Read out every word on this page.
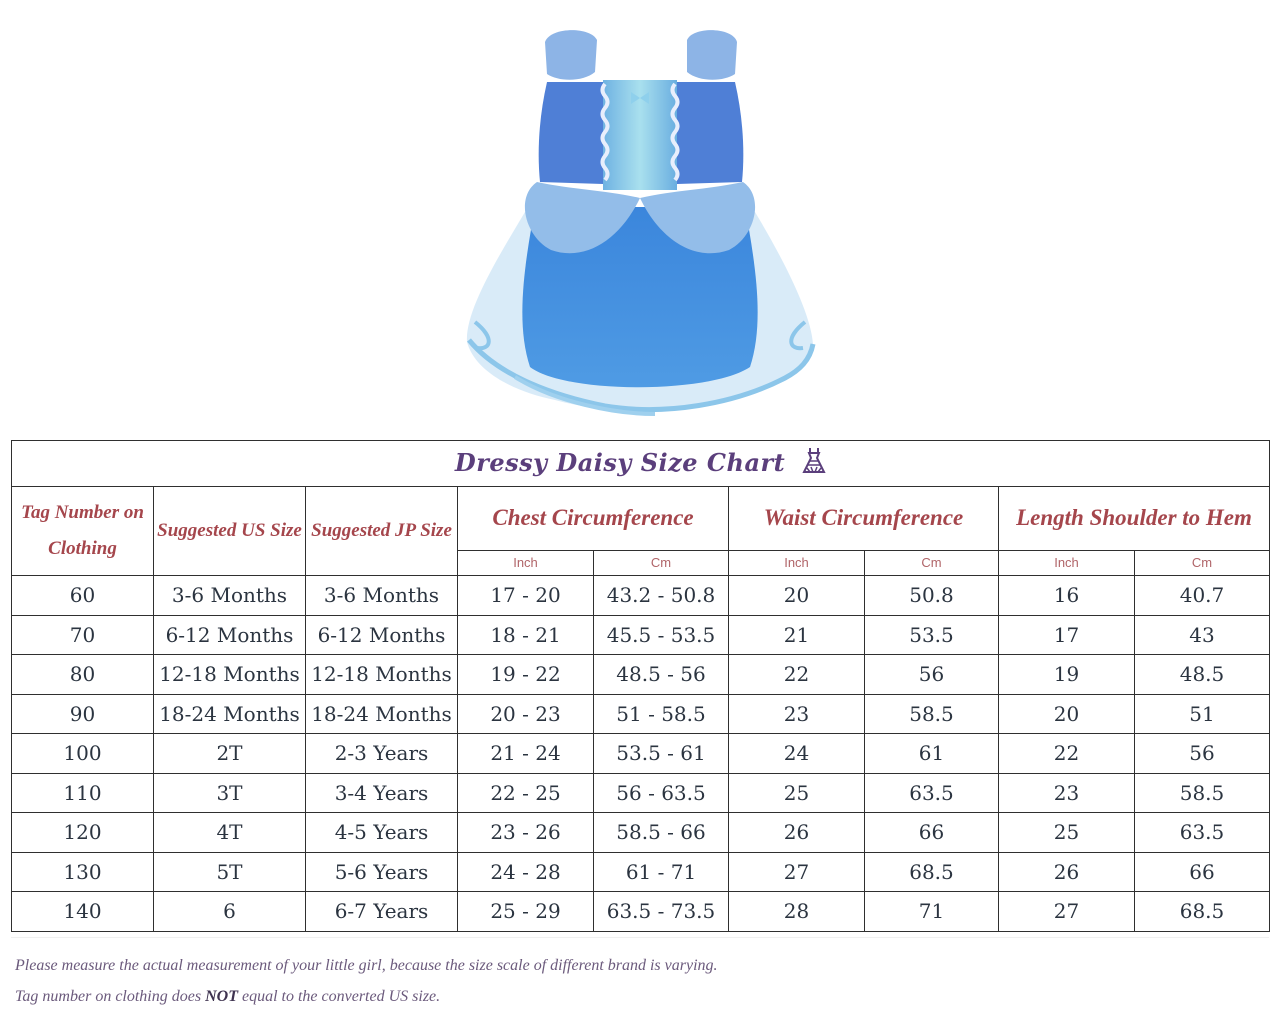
Dressy Daisy Size Chart								
Tag Number on Clothing	Suggested US Size	Suggested JP Size	Chest Circumference		Waist Circumference		Length Shoulder to Hem	
			Inch	Cm	Inch	Cm	Inch	Cm
60	3-6 Months	3-6 Months	17 - 20	43.2 - 50.8	20	50.8	16	40.7
70	6-12 Months	6-12 Months	18 - 21	45.5 - 53.5	21	53.5	17	43
80	12-18 Months	12-18 Months	19 - 22	48.5 - 56	22	56	19	48.5
90	18-24 Months	18-24 Months	20 - 23	51 - 58.5	23	58.5	20	51
100	2T	2-3 Years	21 - 24	53.5 - 61	24	61	22	56
110	3T	3-4 Years	22 - 25	56 - 63.5	25	63.5	23	58.5
120	4T	4-5 Years	23 - 26	58.5 - 66	26	66	25	63.5
130	5T	5-6 Years	24 - 28	61 - 71	27	68.5	26	66
140	6	6-7 Years	25 - 29	63.5 - 73.5	28	71	27	68.5

Please measure the actual measurement of your little girl, because the size scale of different brand is varying.

Tag number on clothing does NOT equal to the converted US size.
